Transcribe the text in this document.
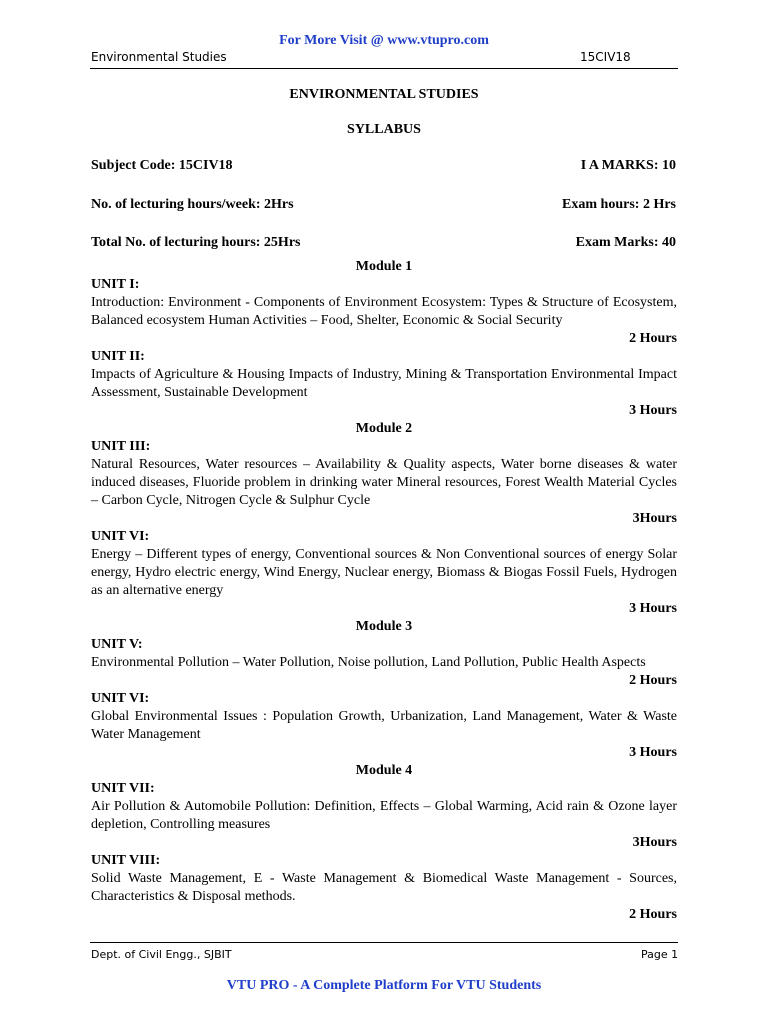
For More Visit @ www.vtupro.com
Environmental Studies	15CIV18
ENVIRONMENTAL STUDIES
SYLLABUS
Subject Code: 15CIV18	I A MARKS: 10
No. of lecturing hours/week: 2Hrs	Exam hours: 2 Hrs
Total No. of lecturing hours: 25Hrs	Exam Marks: 40
Module 1
UNIT I:
Introduction: Environment - Components of Environment Ecosystem: Types & Structure of Ecosystem, Balanced ecosystem Human Activities – Food, Shelter, Economic & Social Security
2 Hours
UNIT II:
Impacts of Agriculture & Housing Impacts of Industry, Mining & Transportation Environmental Impact Assessment, Sustainable Development
3 Hours
Module 2
UNIT III:
Natural Resources, Water resources – Availability & Quality aspects, Water borne diseases & water induced diseases, Fluoride problem in drinking water Mineral resources, Forest Wealth Material Cycles – Carbon Cycle, Nitrogen Cycle & Sulphur Cycle
3Hours
UNIT VI:
Energy – Different types of energy, Conventional sources & Non Conventional sources of energy Solar energy, Hydro electric energy, Wind Energy, Nuclear energy, Biomass & Biogas Fossil Fuels, Hydrogen as an alternative energy
3 Hours
Module 3
UNIT V:
Environmental Pollution – Water Pollution, Noise pollution, Land Pollution, Public Health Aspects
2 Hours
UNIT VI:
Global Environmental Issues : Population Growth, Urbanization, Land Management, Water & Waste Water Management
3 Hours
Module 4
UNIT VII:
Air Pollution & Automobile Pollution: Definition, Effects – Global Warming, Acid rain & Ozone layer depletion, Controlling measures
3Hours
UNIT VIII:
Solid Waste Management, E - Waste Management & Biomedical Waste Management - Sources, Characteristics & Disposal methods.
2 Hours
Dept. of Civil Engg., SJBIT	Page 1
VTU PRO - A Complete Platform For VTU Students
